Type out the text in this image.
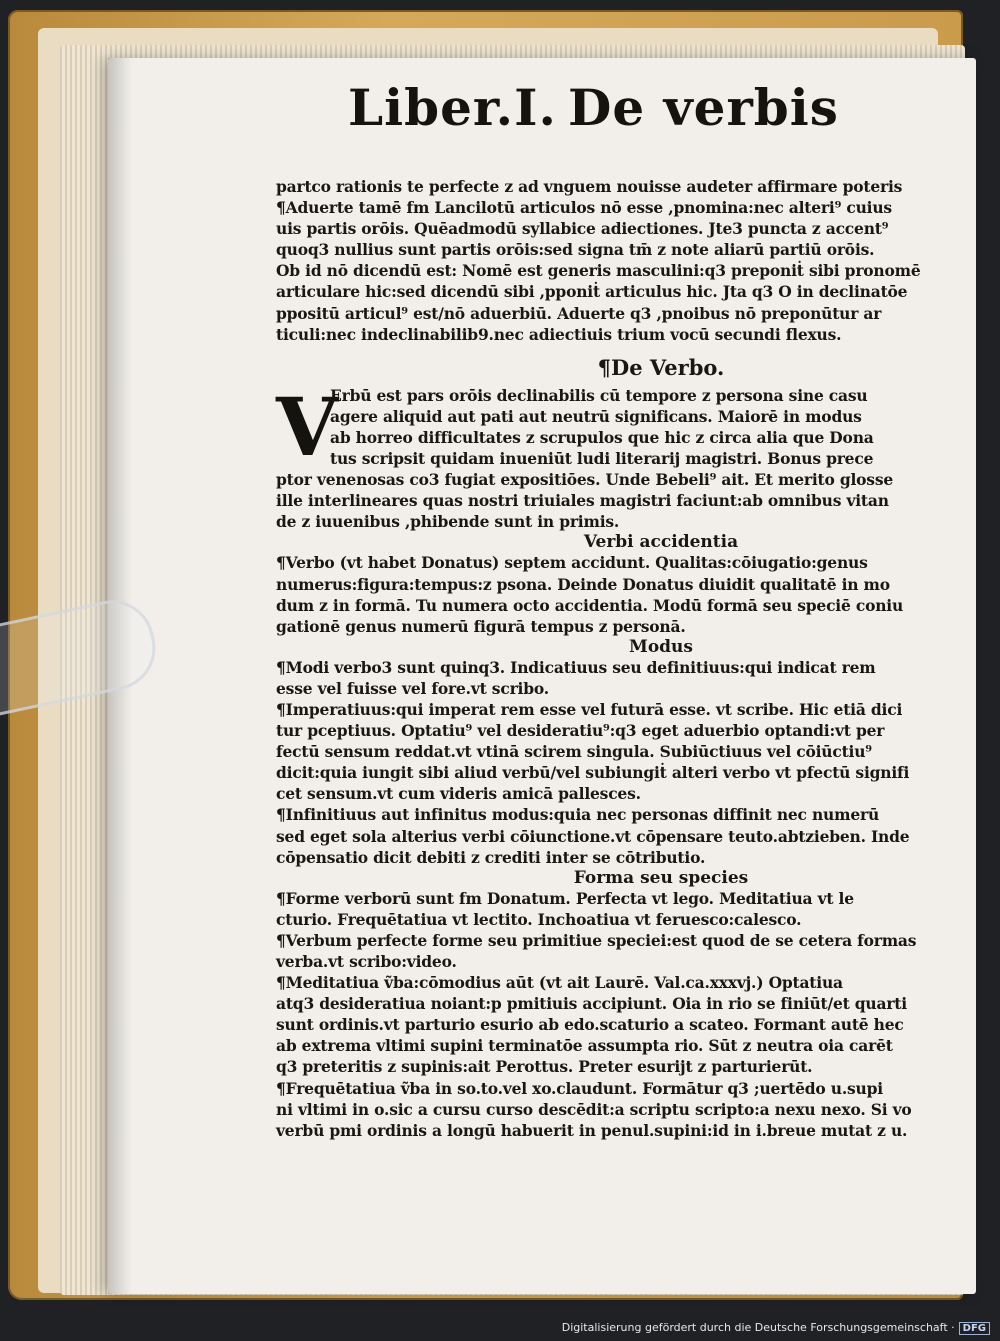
Liber.I. De verbis
partco rationis te perfecte z ad vnguem nouisse audeter affirmare poteris
¶Aduerte tamē fm Lancilotū articulos nō esse ,pnomina:nec alteri⁹ cuius
uis partis orōis. Quēadmodū syllabice adiectiones. Jte3 puncta z accent⁹
quoq3 nullius sunt partis orōis:sed signa tm̄ z note aliarū partiū orōis.
Ob id nō dicendū est: Nomē est generis masculini:q3 preponiṫ sibi pronomē
articulare hic:sed dicendū sibi ,pponiṫ articulus hic. Jta q3 O in declinatōe
ppositū articul⁹ est/nō aduerbiū. Aduerte q3 ,pnoibus nō preponūtur ar
ticuli:nec indeclinabilib9.nec adiectiuis trium vocū secundi flexus.
¶De Verbo.
V
Erbū est pars orōis declinabilis cū tempore z persona sine casu
agere aliquid aut pati aut neutrū significans. Maiorē in modus
ab horreo difficultates z scrupulos que hic z circa alia que Dona
tus scripsit quidam inueniūt ludi literarij magistri. Bonus prece
ptor venenosas co3 fugiat expositiōes. Unde Bebeli⁹ ait. Et merito glosse
ille interlineares quas nostri triuiales magistri faciunt:ab omnibus vitan
de z iuuenibus ,phibende sunt in primis.
Verbi accidentia
¶Verbo (vt habet Donatus) septem accidunt. Qualitas:cōiugatio:genus
numerus:figura:tempus:z psona. Deinde Donatus diuidit qualitatē in mo
dum z in formā. Tu numera octo accidentia. Modū formā seu speciē coniu
gationē genus numerū figurā tempus z personā.
Modus
¶Modi verbo3 sunt quinq3. Indicatiuus seu definitiuus:qui indicat rem
esse vel fuisse vel fore.vt scribo.
¶Imperatiuus:qui imperat rem esse vel futurā esse. vt scribe. Hic etiā dici
tur pceptiuus. Optatiu⁹ vel desideratiu⁹:q3 eget aduerbio optandi:vt per
fectū sensum reddat.vt vtinā scirem singula. Subiūctiuus vel cōiūctiu⁹
dicit:quia iungit sibi aliud verbū/vel subiungiṫ alteri verbo vt pfectū signifi
cet sensum.vt cum videris amicā pallesces.
¶Infinitiuus aut infinitus modus:quia nec personas diffinit nec numerū
sed eget sola alterius verbi cōiunctione.vt cōpensare teuto.abtzieben. Inde
cōpensatio dicit debiti z crediti inter se cōtributio.
Forma seu species
¶Forme verborū sunt fm Donatum. Perfecta vt lego. Meditatiua vt le
cturio. Frequētatiua vt lectito. Inchoatiua vt feruesco:calesco.
¶Verbum perfecte forme seu primitiue speciei:est quod de se cetera formas
verba.vt scribo:video.
¶Meditatiua ṽba:cōmodius aūt (vt ait Laurē. Val.ca.xxxvj.) Optatiua
atq3 desideratiua noiant:p pmitiuis accipiunt. Oia in rio se finiūt/et quarti
sunt ordinis.vt parturio esurio ab edo.scaturio a scateo. Formant autē hec
ab extrema vltimi supini terminatōe assumpta rio. Sūt z neutra oia carēt
q3 preteritis z supinis:ait Perottus. Preter esurijt z parturierūt.
¶Frequētatiua ṽba in so.to.vel xo.claudunt. Formātur q3 ;uertēdo u.supi
ni vltimi in o.sic a cursu curso descēdit:a scriptu scripto:a nexu nexo. Si vo
verbū pmi ordinis a longū habuerit in penul.supini:id in i.breue mutat z u.
Digitalisierung gefördert durch die Deutsche Forschungsgemeinschaft · DFG
